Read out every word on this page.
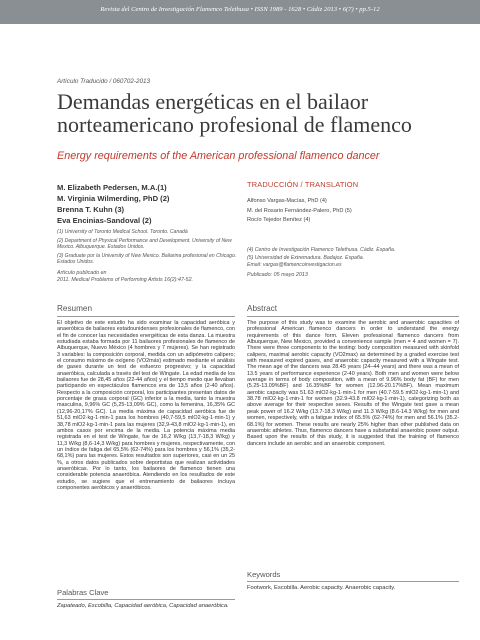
Revista del Centro de Investigación Flamenco Telethusa • ISSN 1989 - 1628 • Cádiz 2013 • 6(7) • pp.5-12
Artículo Traducido / 060702-2013
Demandas energéticas en el bailaor
norteamericano profesional de flamenco
Energy requirements of the American professional flamenco dancer
M. Elizabeth Pedersen, M.A.(1)
M. Virginia Wilmerding, PhD (2)
Brenna T. Kuhn (3)
Eva Encinias-Sandoval (2)
(1) University of Toronto Medical School. Toronto. Canadá
(2) Department of Physical Performance and Development. University of New Mexico. Albuquerque. Estados Unidos.
(3) Graduate por la University of New Mexico. Bailarina profesional en Chicago. Estados Unidos.
Artículo publicado en
2011. Medical Problems of Performing Artists 16(2):47-52.
TRADUCCIÓN / TRANSLATION
Alfonso Vargas-Macías, PhD (4)
M. del Rosario Fernández-Palero, PhD (5)
Rocío Tejedor Benítez (4)
(4) Centro de Investigación Flamenco Telethusa. Cádiz. España.
(5) Universidad de Extremadura. Badajoz. España.
Email: vargas@flamencoinvestigacion.es
Publicado: 05 mayo 2013
Resumen
El objetivo de este estudio ha sido examinar la capacidad aeróbica y anaeróbica de bailaores estadounidenses profesionales de flamenco, con el fin de conocer las necesidades energéticas de esta danza. La muestra estudiada estaba formada por 11 bailaores profesionales de flamenco de Albuquerque, Nuevo México (4 hombres y 7 mujeres). Se han registrado 3 variables: la composición corporal, medida con un adipómetro calipero; el consumo máximo de oxígeno (VO2máx) estimado mediante el análisis de gases durante un test de esfuerzo progresivo; y la capacidad anaeróbica, calculada a través del test de Wingate. La edad media de los bailaores fue de 28,45 años (22-44 años) y el tiempo medio que llevaban participando en espectáculos flamencos era de 13,5 años (2-40 años). Respecto a la composición corporal, los participantes presentan datos de porcentaje de grasa corporal (GC) inferior a la media, tanto la muestra masculina, 9,96% GC (5,25-13,09% GC), como la femenina, 16,35% GC (12,96-20,17% GC). La media máxima de capacidad aeróbica fue de 51,63 mlO2·kg-1·min-1 para los hombres (40,7-59,5 mlO2·kg-1·min-1) y 38,78 mlO2·kg-1·min-1 para las mujeres (32,9-43,8 mlO2·kg-1·min-1), en ambos casos por encima de la media. La potencia máxima media registrada en el test de Wingate, fue de 16,2 W/kg (13,7-18,3 W/kg) y 11,3 W/kg (8,6-14,3 W/kg) para hombres y mujeres, respectivamente, con un índice de fatiga del 65,5% (62-74%) para los hombres y 56,1% (35,2-68,1%) para las mujeres. Estos resultados son superiores, casi en un 25 %, a otros datos publicados sobre deportistas que realizan actividades anaeróbicas. Por lo tanto, los bailaores de flamenco tienen una considerable potencia anaeróbica. Atendiendo en los resultados de este estudio, se sugiere que el entrenamiento de bailaores incluya componentes aeróbicos y anaeróbicos.
Palabras Clave
Zapateado, Escobilla, Capacidad aeróbica, Capacidad anaeróbica.
Abstract
The purpose of this study was to examine the aerobic and anaerobic capacities of professional American flamenco dancers in order to understand the energy requirements of this dance form. Eleven professional flamenco dancers from Albuquerque, New Mexico, provided a convenience sample (men = 4 and women = 7). There were three components to the testing: body composition measured with skinfold calipers, maximal aerobic capacity (VO2max) as determined by a graded exercise test with measured expired gases, and anaerobic capacity measured with a Wingate test. The mean age of the dancers was 28.45 years (24–44 years) and there was a mean of 13.5 years of performance experience (2-40 years). Both men and women were below average in terms of body composition, with a mean of 9.96% body fat (BF) for men (5.25-13.09%BF) and 16.35%BF for women (12.96-20.17%BF). Mean maximum aerobic capacity was 51.63 mlO2·kg-1·min-1 for men (40.7-59.5 mlO2·kg-1·min-1) and 38.78 mlO2·kg-1·min-1 for women (32.9-43.8 mlO2·kg-1·min-1), categorizing both as above average for their respective sexes. Results of the Wingate test gave a mean peak power of 16.2 W/kg (13.7-18.3 W/kg) and 11.3 W/kg (8.6-14.3 W/kg) for men and women, respectively, with a fatigue index of 65.5% (62-74%) for men and 56.1% (35.2-68.1%) for women. These results are nearly 25% higher than other published data on anaerobic athletes. Thus, flamenco dancers have a substantial anaerobic power output. Based upon the results of this study, it is suggested that the training of flamenco dancers include an aerobic and an anaerobic component.
Keywords
Footwork, Escobilla. Aerobic capacity. Anaerobic capacity.
